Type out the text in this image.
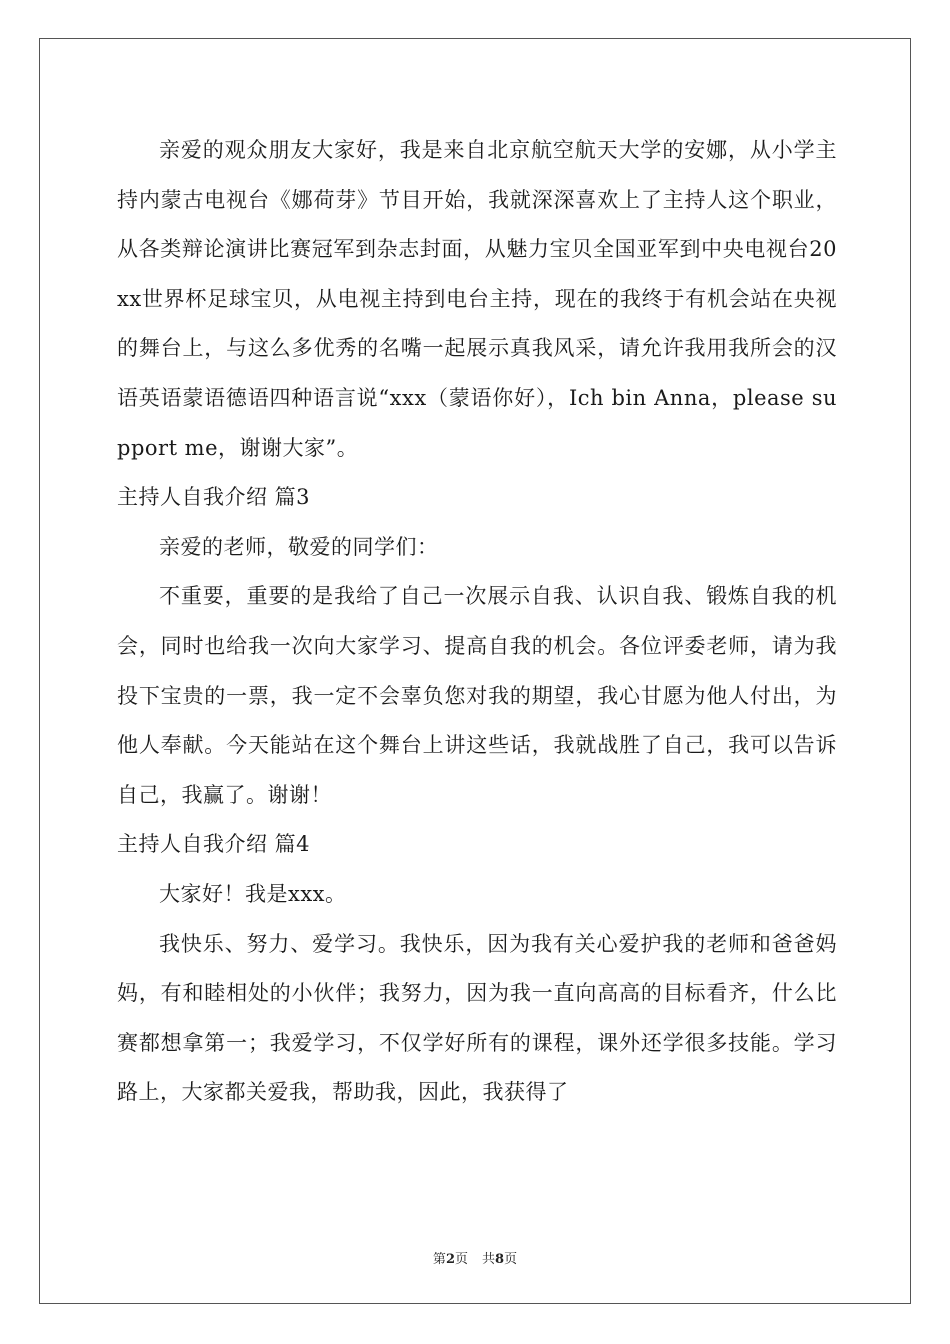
亲爱的观众朋友大家好，我是来自北京航空航天大学的安娜，从小学主持内蒙古电视台《娜荷芽》节目开始，我就深深喜欢上了主持人这个职业，从各类辩论演讲比赛冠军到杂志封面，从魅力宝贝全国亚军到中央电视台20xx世界杯足球宝贝，从电视主持到电台主持，现在的我终于有机会站在央视的舞台上，与这么多优秀的名嘴一起展示真我风采，请允许我用我所会的汉语英语蒙语德语四种语言说“xxx（蒙语你好），Ich bin Anna，please support me，谢谢大家”。

主持人自我介绍 篇3

亲爱的老师，敬爱的同学们：

不重要，重要的是我给了自己一次展示自我、认识自我、锻炼自我的机会，同时也给我一次向大家学习、提高自我的机会。各位评委老师，请为我投下宝贵的一票，我一定不会辜负您对我的期望，我心甘愿为他人付出，为他人奉献。今天能站在这个舞台上讲这些话，我就战胜了自己，我可以告诉自己，我赢了。谢谢！

主持人自我介绍 篇4

大家好！我是xxx。

我快乐、努力、爱学习。我快乐，因为我有关心爱护我的老师和爸爸妈妈，有和睦相处的小伙伴；我努力，因为我一直向高高的目标看齐，什么比赛都想拿第一；我爱学习，不仅学好所有的课程，课外还学很多技能。学习路上，大家都关爱我，帮助我，因此，我获得了

第2页 共8页
